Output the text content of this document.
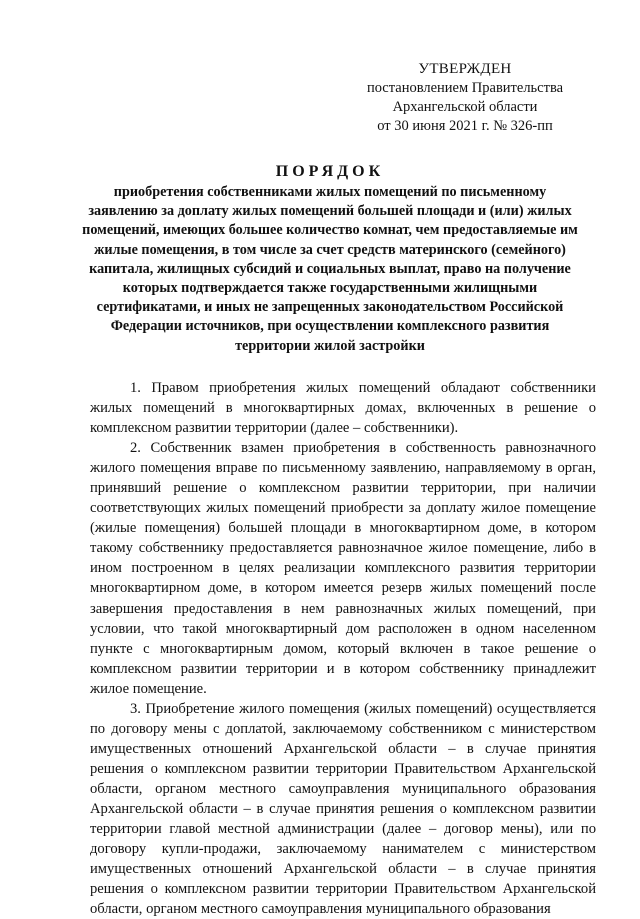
УТВЕРЖДЕН
постановлением Правительства
Архангельской области
от 30 июня 2021 г. № 326-пп
ПОРЯДОК
приобретения собственниками жилых помещений по письменному заявлению за доплату жилых помещений большей площади и (или) жилых помещений, имеющих большее количество комнат, чем предоставляемые им жилые помещения, в том числе за счет средств материнского (семейного) капитала, жилищных субсидий и социальных выплат, право на получение которых подтверждается также государственными жилищными сертификатами, и иных не запрещенных законодательством Российской Федерации источников, при осуществлении комплексного развития территории жилой застройки

1. Правом приобретения жилых помещений обладают собственники жилых помещений в многоквартирных домах, включенных в решение о комплексном развитии территории (далее – собственники).

2. Собственник взамен приобретения в собственность равнозначного жилого помещения вправе по письменному заявлению, направляемому в орган, принявший решение о комплексном развитии территории, при наличии соответствующих жилых помещений приобрести за доплату жилое помещение (жилые помещения) большей площади в многоквартирном доме, в котором такому собственнику предоставляется равнозначное жилое помещение, либо в ином построенном в целях реализации комплексного развития территории многоквартирном доме, в котором имеется резерв жилых помещений после завершения предоставления в нем равнозначных жилых помещений, при условии, что такой многоквартирный дом расположен в одном населенном пункте с многоквартирным домом, который включен в такое решение о комплексном развитии территории и в котором собственнику принадлежит жилое помещение.

3. Приобретение жилого помещения (жилых помещений) осуществляется по договору мены с доплатой, заключаемому собственником с министерством имущественных отношений Архангельской области – в случае принятия решения о комплексном развитии территории Правительством Архангельской области, органом местного самоуправления муниципального образования Архангельской области – в случае принятия решения о комплексном развитии территории главой местной администрации (далее – договор мены), или по договору купли-продажи, заключаемому нанимателем с министерством имущественных отношений Архангельской области – в случае принятия решения о комплексном развитии территории Правительством Архангельской области, органом местного самоуправления муниципального образования
